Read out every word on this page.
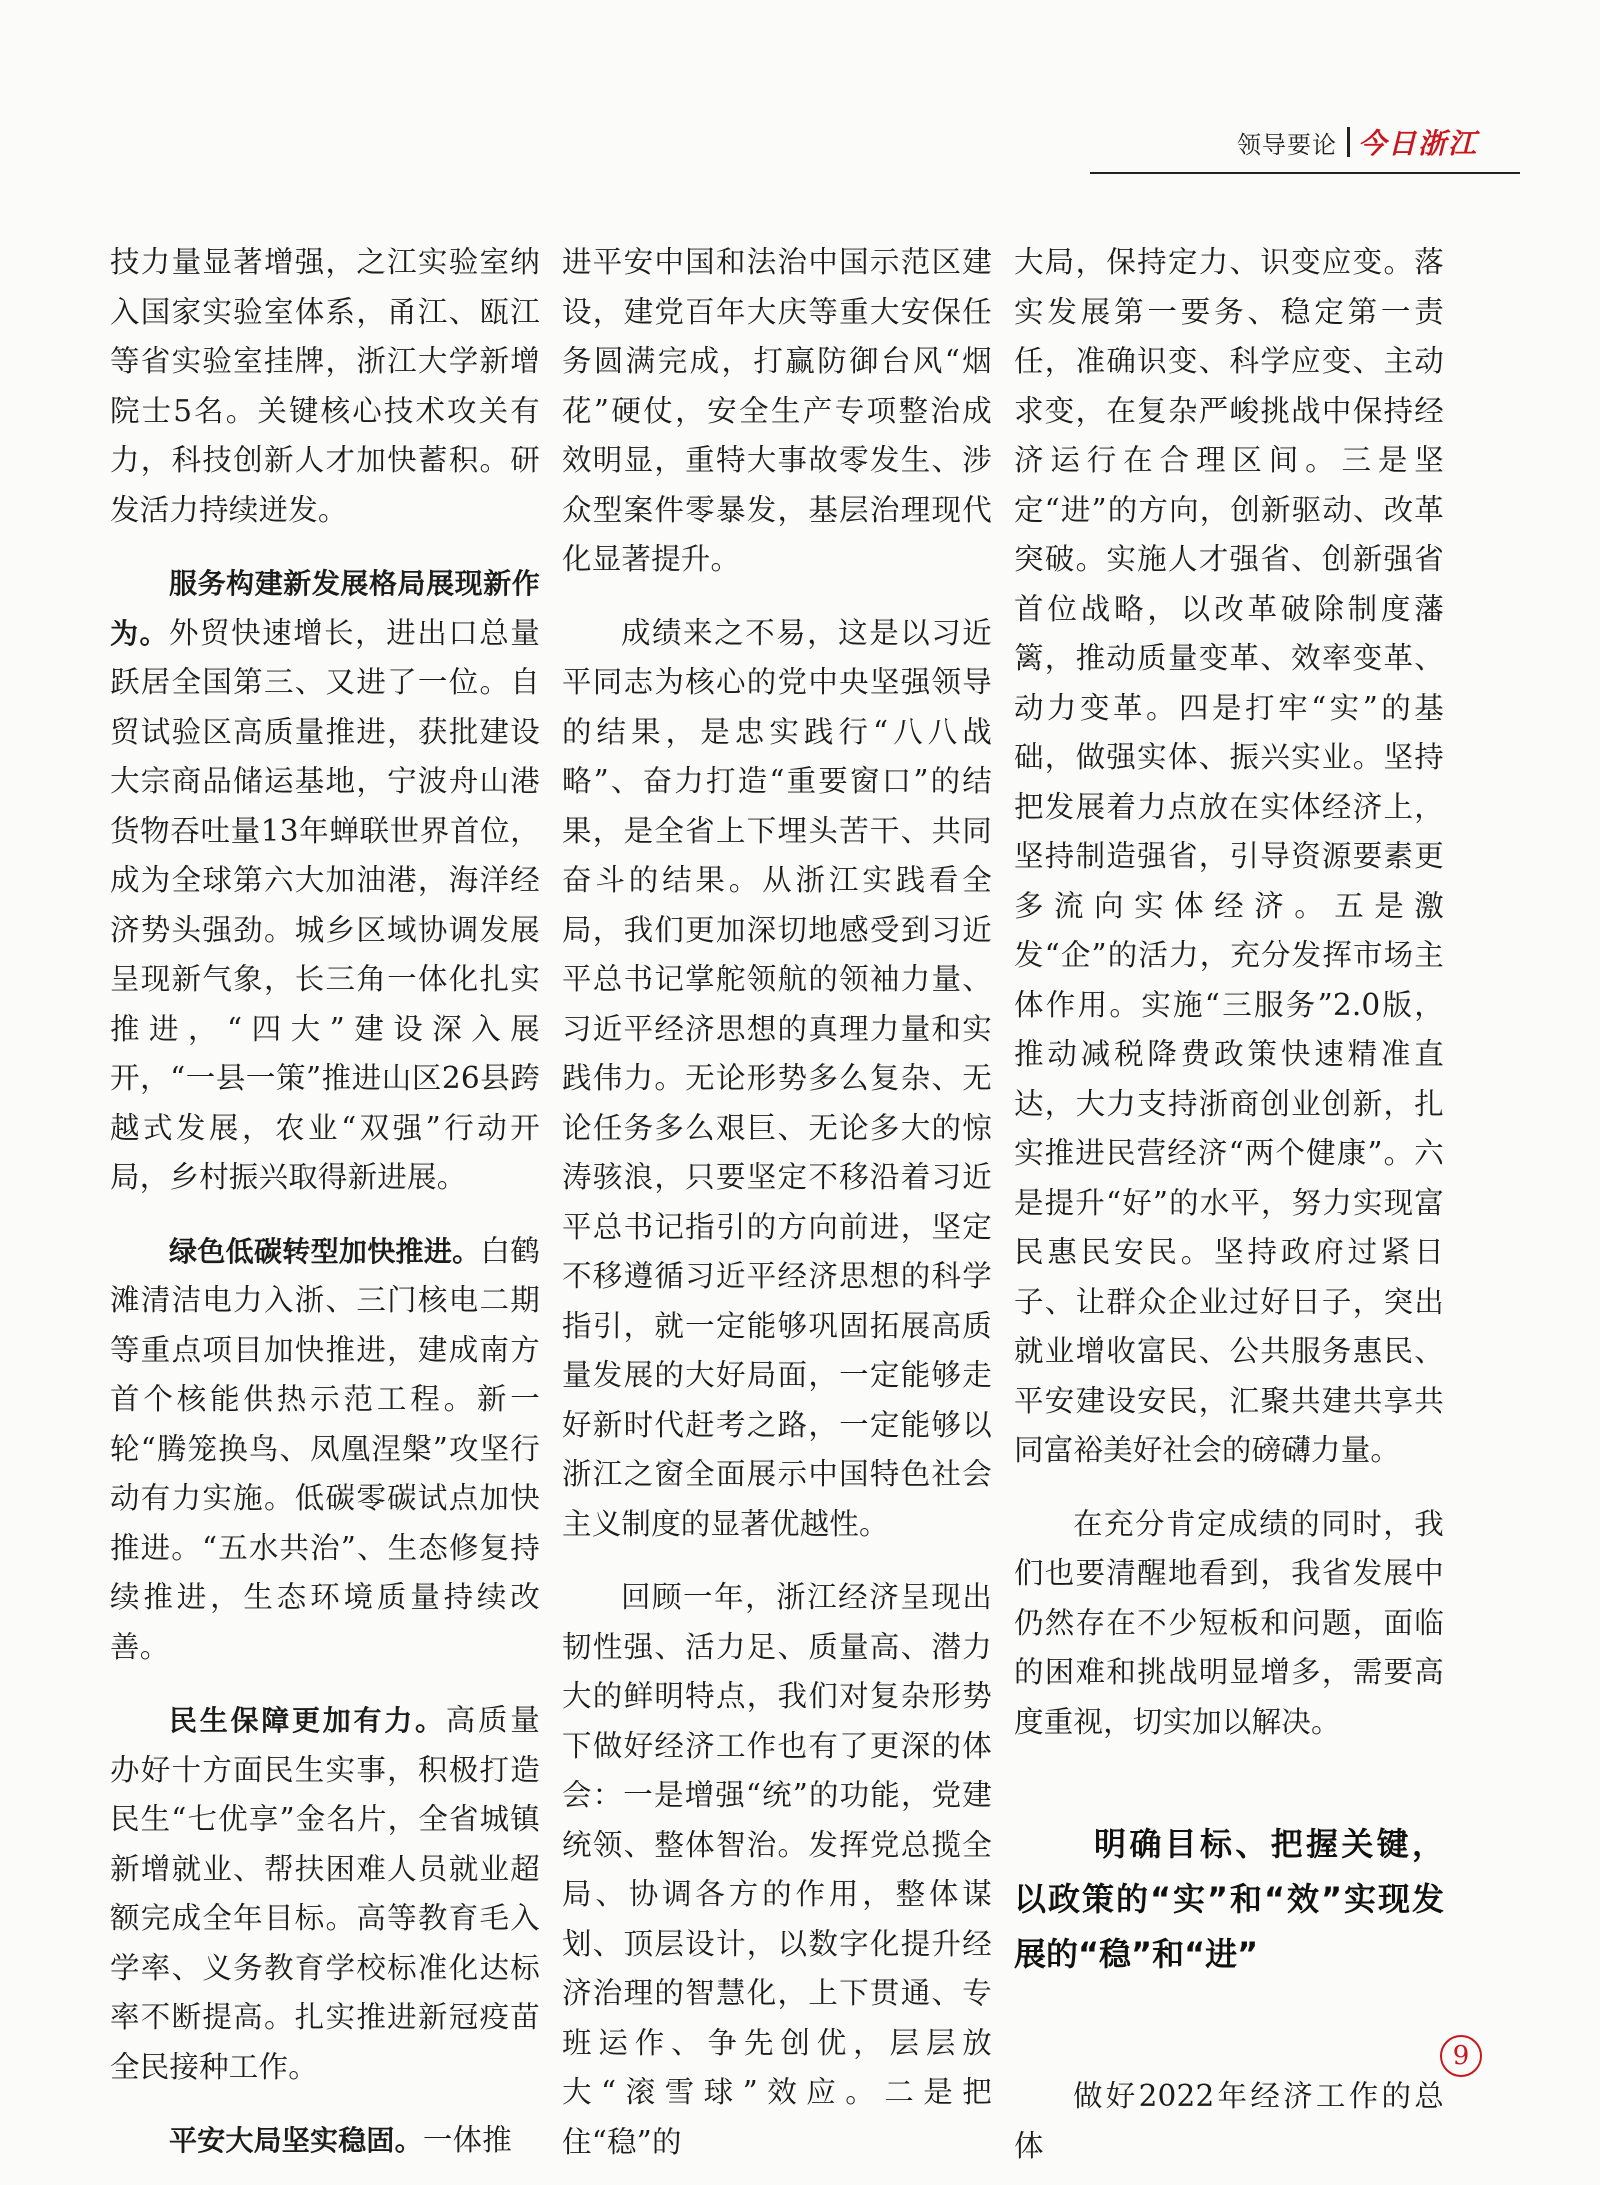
领导要论 今日浙江

技力量显著增强，之江实验室纳入国家实验室体系，甬江、瓯江等省实验室挂牌，浙江大学新增院士5名。关键核心技术攻关有力，科技创新人才加快蓄积。研发活力持续迸发。

服务构建新发展格局展现新作为。外贸快速增长，进出口总量跃居全国第三、又进了一位。自贸试验区高质量推进，获批建设大宗商品储运基地，宁波舟山港货物吞吐量13年蝉联世界首位，成为全球第六大加油港，海洋经济势头强劲。城乡区域协调发展呈现新气象，长三角一体化扎实推进，“四大”建设深入展开，“一县一策”推进山区26县跨越式发展，农业“双强”行动开局，乡村振兴取得新进展。

绿色低碳转型加快推进。白鹤滩清洁电力入浙、三门核电二期等重点项目加快推进，建成南方首个核能供热示范工程。新一轮“腾笼换鸟、凤凰涅槃”攻坚行动有力实施。低碳零碳试点加快推进。“五水共治”、生态修复持续推进，生态环境质量持续改善。

民生保障更加有力。高质量办好十方面民生实事，积极打造民生“七优享”金名片，全省城镇新增就业、帮扶困难人员就业超额完成全年目标。高等教育毛入学率、义务教育学校标准化达标率不断提高。扎实推进新冠疫苗全民接种工作。

平安大局坚实稳固。一体推

进平安中国和法治中国示范区建设，建党百年大庆等重大安保任务圆满完成，打赢防御台风“烟花”硬仗，安全生产专项整治成效明显，重特大事故零发生、涉众型案件零暴发，基层治理现代化显著提升。

成绩来之不易，这是以习近平同志为核心的党中央坚强领导的结果，是忠实践行“八八战略”、奋力打造“重要窗口”的结果，是全省上下埋头苦干、共同奋斗的结果。从浙江实践看全局，我们更加深切地感受到习近平总书记掌舵领航的领袖力量、习近平经济思想的真理力量和实践伟力。无论形势多么复杂、无论任务多么艰巨、无论多大的惊涛骇浪，只要坚定不移沿着习近平总书记指引的方向前进，坚定不移遵循习近平经济思想的科学指引，就一定能够巩固拓展高质量发展的大好局面，一定能够走好新时代赶考之路，一定能够以浙江之窗全面展示中国特色社会主义制度的显著优越性。

回顾一年，浙江经济呈现出韧性强、活力足、质量高、潜力大的鲜明特点，我们对复杂形势下做好经济工作也有了更深的体会：一是增强“统”的功能，党建统领、整体智治。发挥党总揽全局、协调各方的作用，整体谋划、顶层设计，以数字化提升经济治理的智慧化，上下贯通、专班运作、争先创优，层层放大“滚雪球”效应。二是把住“稳”的

大局，保持定力、识变应变。落实发展第一要务、稳定第一责任，准确识变、科学应变、主动求变，在复杂严峻挑战中保持经济运行在合理区间。三是坚定“进”的方向，创新驱动、改革突破。实施人才强省、创新强省首位战略，以改革破除制度藩篱，推动质量变革、效率变革、动力变革。四是打牢“实”的基础，做强实体、振兴实业。坚持把发展着力点放在实体经济上，坚持制造强省，引导资源要素更多流向实体经济。五是激发“企”的活力，充分发挥市场主体作用。实施“三服务”2.0版，推动减税降费政策快速精准直达，大力支持浙商创业创新，扎实推进民营经济“两个健康”。六是提升“好”的水平，努力实现富民惠民安民。坚持政府过紧日子、让群众企业过好日子，突出就业增收富民、公共服务惠民、平安建设安民，汇聚共建共享共同富裕美好社会的磅礴力量。

在充分肯定成绩的同时，我们也要清醒地看到，我省发展中仍然存在不少短板和问题，面临的困难和挑战明显增多，需要高度重视，切实加以解决。

明确目标、把握关键，以政策的“实”和“效”实现发展的“稳”和“进”

做好2022年经济工作的总体

9
